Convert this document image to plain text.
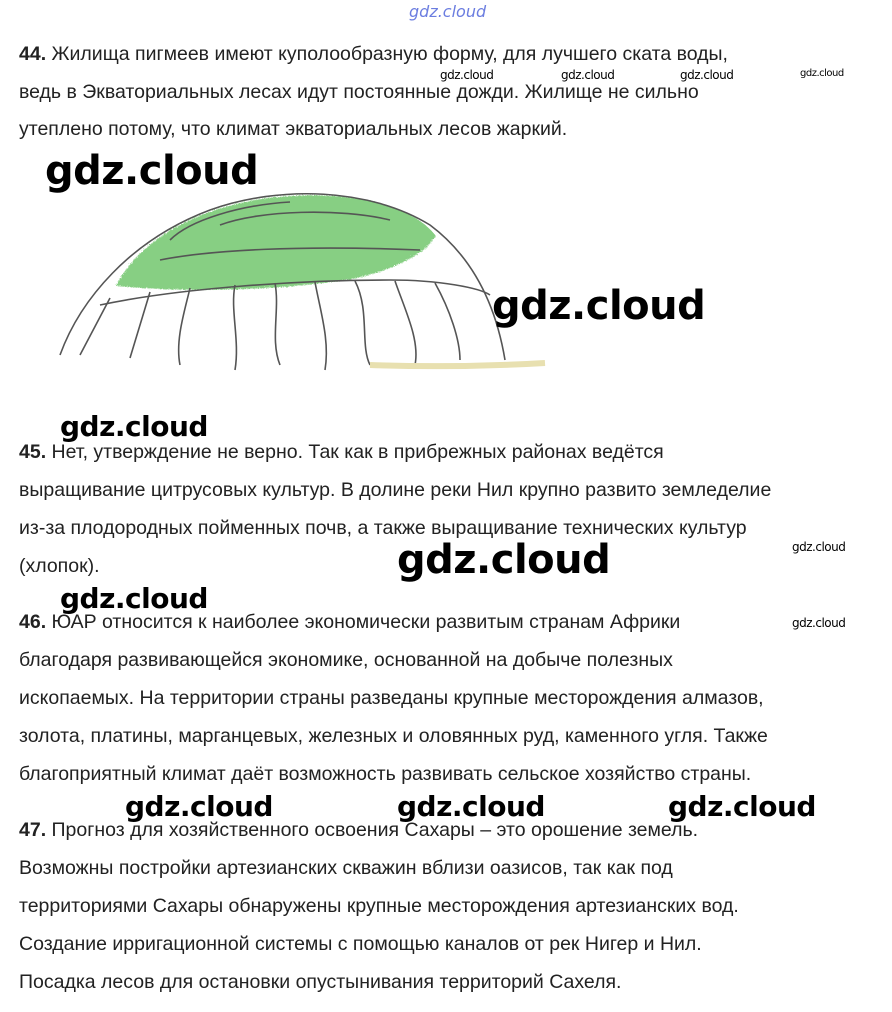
gdz.cloud
44. Жилища пигмеев имеют куполообразную форму, для лучшего ската воды,
ведь в Экваториальных лесах идут постоянные дожди. Жилище не сильно
утеплено потому, что климат экваториальных лесов жаркий.
gdz.cloud	gdz.cloud	gdz.cloud	gdz.cloud
gdz.cloud
gdz.cloud
gdz.cloud
45. Нет, утверждение не верно. Так как в прибрежных районах ведётся
выращивание цитрусовых культур. В долине реки Нил крупно развито земледелие
из-за плодородных пойменных почв, а также выращивание технических культур
(хлопок).
gdz.cloud
gdz.cloud
gdz.cloud
46. ЮАР относится к наиболее экономически развитым странам Африки	gdz.cloud
благодаря развивающейся экономике, основанной на добыче полезных
ископаемых. На территории страны разведаны крупные месторождения алмазов,
золота, платины, марганцевых, железных и оловянных руд, каменного угля. Также
благоприятный климат даёт возможность развивать сельское хозяйство страны.
gdz.cloud	gdz.cloud	gdz.cloud
47. Прогноз для хозяйственного освоения Сахары – это орошение земель.
Возможны постройки артезианских скважин вблизи оазисов, так как под
территориями Сахары обнаружены крупные месторождения артезианских вод.
Создание ирригационной системы с помощью каналов от рек Нигер и Нил.
Посадка лесов для остановки опустынивания территорий Сахеля.
